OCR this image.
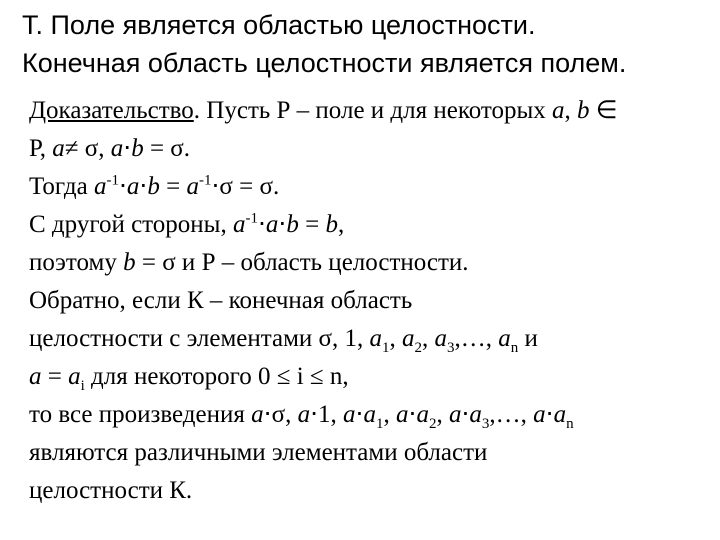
Т. Поле является областью целостности.
Конечная область целостности является полем.
Доказательство. Пусть Р – поле и для некоторых a, b ∈
Р, a≠ σ, a⋅b = σ.
Тогда $a^{-1}\cdot a\cdot b = a^{-1}\cdot\sigma = \sigma$.
С другой стороны, $a^{-1}\cdot a\cdot b = b$,
поэтому b = σ и Р – область целостности.
Обратно, если К – конечная область
целостности с элементами σ, 1, $a_1$, $a_2$, $a_3,\dots$, $a_n$ и
$a = a_i$ для некоторого 0 ≤ i ≤ n,
то все произведения a⋅σ, a⋅1, $a\cdot a_1$, $a\cdot a_2$, $a\cdot a_3,\dots$, $a\cdot a_n$
являются различными элементами области
целостности К.
